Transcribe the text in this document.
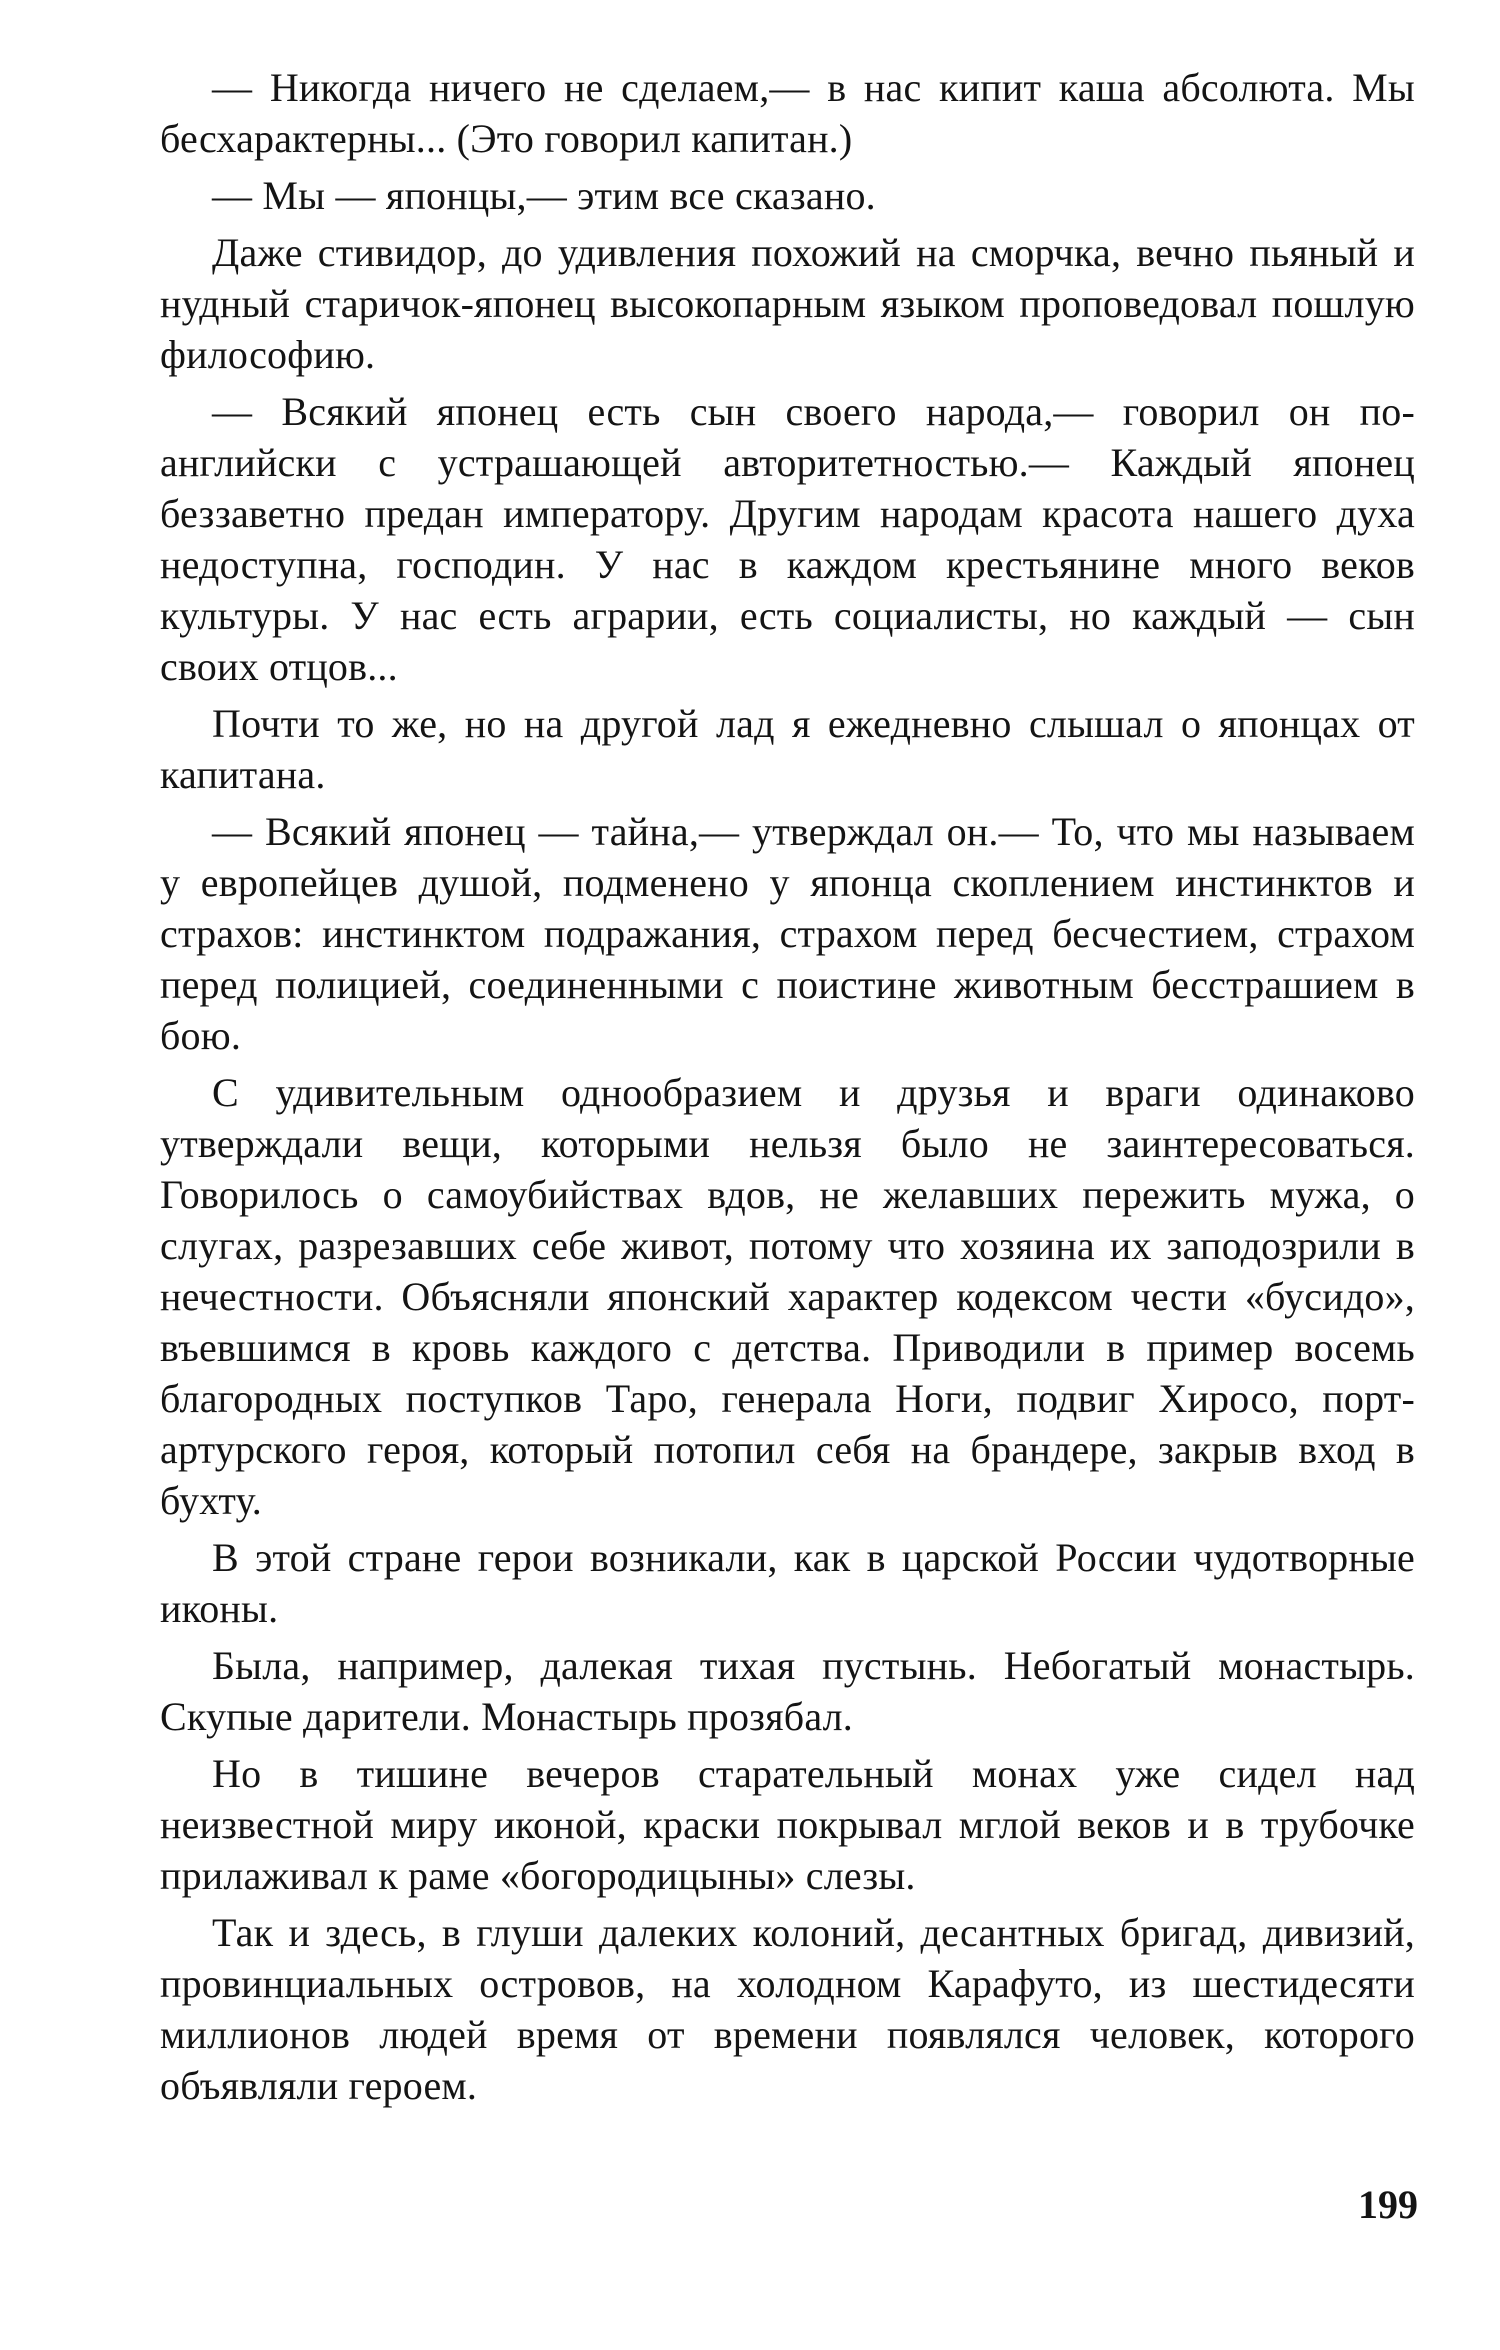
— Никогда ничего не сделаем,— в нас кипит каша абсолюта. Мы бесхарактерны... (Это говорил капитан.)

— Мы — японцы,— этим все сказано.

Даже стивидор, до удивления похожий на сморчка, вечно пьяный и нудный старичок-японец высокопарным языком проповедовал пошлую философию.

— Всякий японец есть сын своего народа,— говорил он по-английски с устрашающей авторитетностью.— Каждый японец беззаветно предан императору. Другим народам красота нашего духа недоступна, господин. У нас в каждом крестьянине много веков культуры. У нас есть аграрии, есть социалисты, но каждый — сын своих отцов...

Почти то же, но на другой лад я ежедневно слышал о японцах от капитана.

— Всякий японец — тайна,— утверждал он.— То, что мы называем у европейцев душой, подменено у японца скоплением инстинктов и страхов: инстинктом подражания, страхом перед бесчестием, страхом перед полицией, соединенными с поистине животным бесстрашием в бою.

С удивительным однообразием и друзья и враги одинаково утверждали вещи, которыми нельзя было не заинтересоваться. Говорилось о самоубийствах вдов, не желавших пережить мужа, о слугах, разрезавших себе живот, потому что хозяина их заподозрили в нечестности. Объясняли японский характер кодексом чести «бусидо», въевшимся в кровь каждого с детства. Приводили в пример восемь благородных поступков Таро, генерала Ноги, подвиг Хиросо, порт-артурского героя, который потопил себя на брандере, закрыв вход в бухту.

В этой стране герои возникали, как в царской России чудотворные иконы.

Была, например, далекая тихая пустынь. Небогатый монастырь. Скупые дарители. Монастырь прозябал.

Но в тишине вечеров старательный монах уже сидел над неизвестной миру иконой, краски покрывал мглой веков и в трубочке прилаживал к раме «богородицыны» слезы.

Так и здесь, в глуши далеких колоний, десантных бригад, дивизий, провинциальных островов, на холодном Карафуто, из шестидесяти миллионов людей время от времени появлялся человек, которого объявляли героем.

199
